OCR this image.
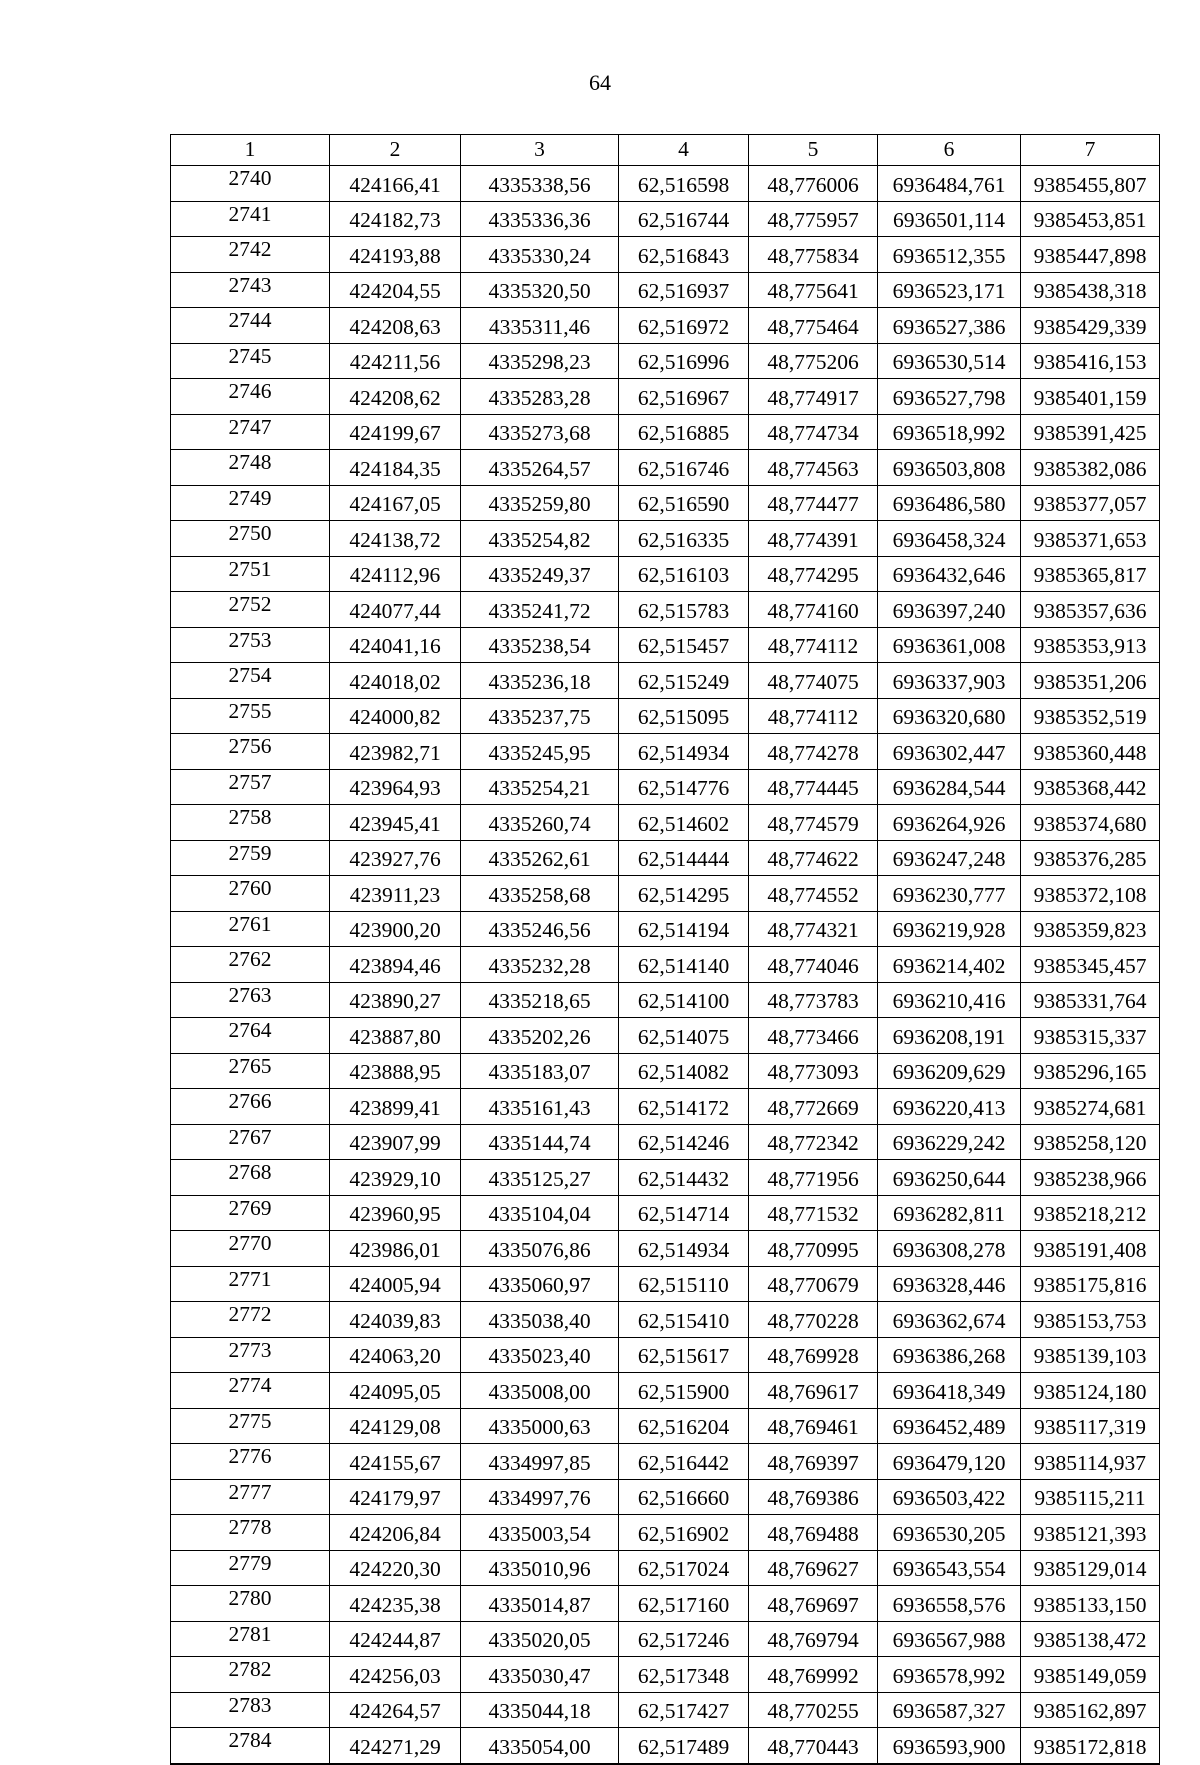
64
1	2	3	4	5	6	7
2740	424166,41	4335338,56	62,516598	48,776006	6936484,761	9385455,807
2741	424182,73	4335336,36	62,516744	48,775957	6936501,114	9385453,851
2742	424193,88	4335330,24	62,516843	48,775834	6936512,355	9385447,898
2743	424204,55	4335320,50	62,516937	48,775641	6936523,171	9385438,318
2744	424208,63	4335311,46	62,516972	48,775464	6936527,386	9385429,339
2745	424211,56	4335298,23	62,516996	48,775206	6936530,514	9385416,153
2746	424208,62	4335283,28	62,516967	48,774917	6936527,798	9385401,159
2747	424199,67	4335273,68	62,516885	48,774734	6936518,992	9385391,425
2748	424184,35	4335264,57	62,516746	48,774563	6936503,808	9385382,086
2749	424167,05	4335259,80	62,516590	48,774477	6936486,580	9385377,057
2750	424138,72	4335254,82	62,516335	48,774391	6936458,324	9385371,653
2751	424112,96	4335249,37	62,516103	48,774295	6936432,646	9385365,817
2752	424077,44	4335241,72	62,515783	48,774160	6936397,240	9385357,636
2753	424041,16	4335238,54	62,515457	48,774112	6936361,008	9385353,913
2754	424018,02	4335236,18	62,515249	48,774075	6936337,903	9385351,206
2755	424000,82	4335237,75	62,515095	48,774112	6936320,680	9385352,519
2756	423982,71	4335245,95	62,514934	48,774278	6936302,447	9385360,448
2757	423964,93	4335254,21	62,514776	48,774445	6936284,544	9385368,442
2758	423945,41	4335260,74	62,514602	48,774579	6936264,926	9385374,680
2759	423927,76	4335262,61	62,514444	48,774622	6936247,248	9385376,285
2760	423911,23	4335258,68	62,514295	48,774552	6936230,777	9385372,108
2761	423900,20	4335246,56	62,514194	48,774321	6936219,928	9385359,823
2762	423894,46	4335232,28	62,514140	48,774046	6936214,402	9385345,457
2763	423890,27	4335218,65	62,514100	48,773783	6936210,416	9385331,764
2764	423887,80	4335202,26	62,514075	48,773466	6936208,191	9385315,337
2765	423888,95	4335183,07	62,514082	48,773093	6936209,629	9385296,165
2766	423899,41	4335161,43	62,514172	48,772669	6936220,413	9385274,681
2767	423907,99	4335144,74	62,514246	48,772342	6936229,242	9385258,120
2768	423929,10	4335125,27	62,514432	48,771956	6936250,644	9385238,966
2769	423960,95	4335104,04	62,514714	48,771532	6936282,811	9385218,212
2770	423986,01	4335076,86	62,514934	48,770995	6936308,278	9385191,408
2771	424005,94	4335060,97	62,515110	48,770679	6936328,446	9385175,816
2772	424039,83	4335038,40	62,515410	48,770228	6936362,674	9385153,753
2773	424063,20	4335023,40	62,515617	48,769928	6936386,268	9385139,103
2774	424095,05	4335008,00	62,515900	48,769617	6936418,349	9385124,180
2775	424129,08	4335000,63	62,516204	48,769461	6936452,489	9385117,319
2776	424155,67	4334997,85	62,516442	48,769397	6936479,120	9385114,937
2777	424179,97	4334997,76	62,516660	48,769386	6936503,422	9385115,211
2778	424206,84	4335003,54	62,516902	48,769488	6936530,205	9385121,393
2779	424220,30	4335010,96	62,517024	48,769627	6936543,554	9385129,014
2780	424235,38	4335014,87	62,517160	48,769697	6936558,576	9385133,150
2781	424244,87	4335020,05	62,517246	48,769794	6936567,988	9385138,472
2782	424256,03	4335030,47	62,517348	48,769992	6936578,992	9385149,059
2783	424264,57	4335044,18	62,517427	48,770255	6936587,327	9385162,897
2784	424271,29	4335054,00	62,517489	48,770443	6936593,900	9385172,818
